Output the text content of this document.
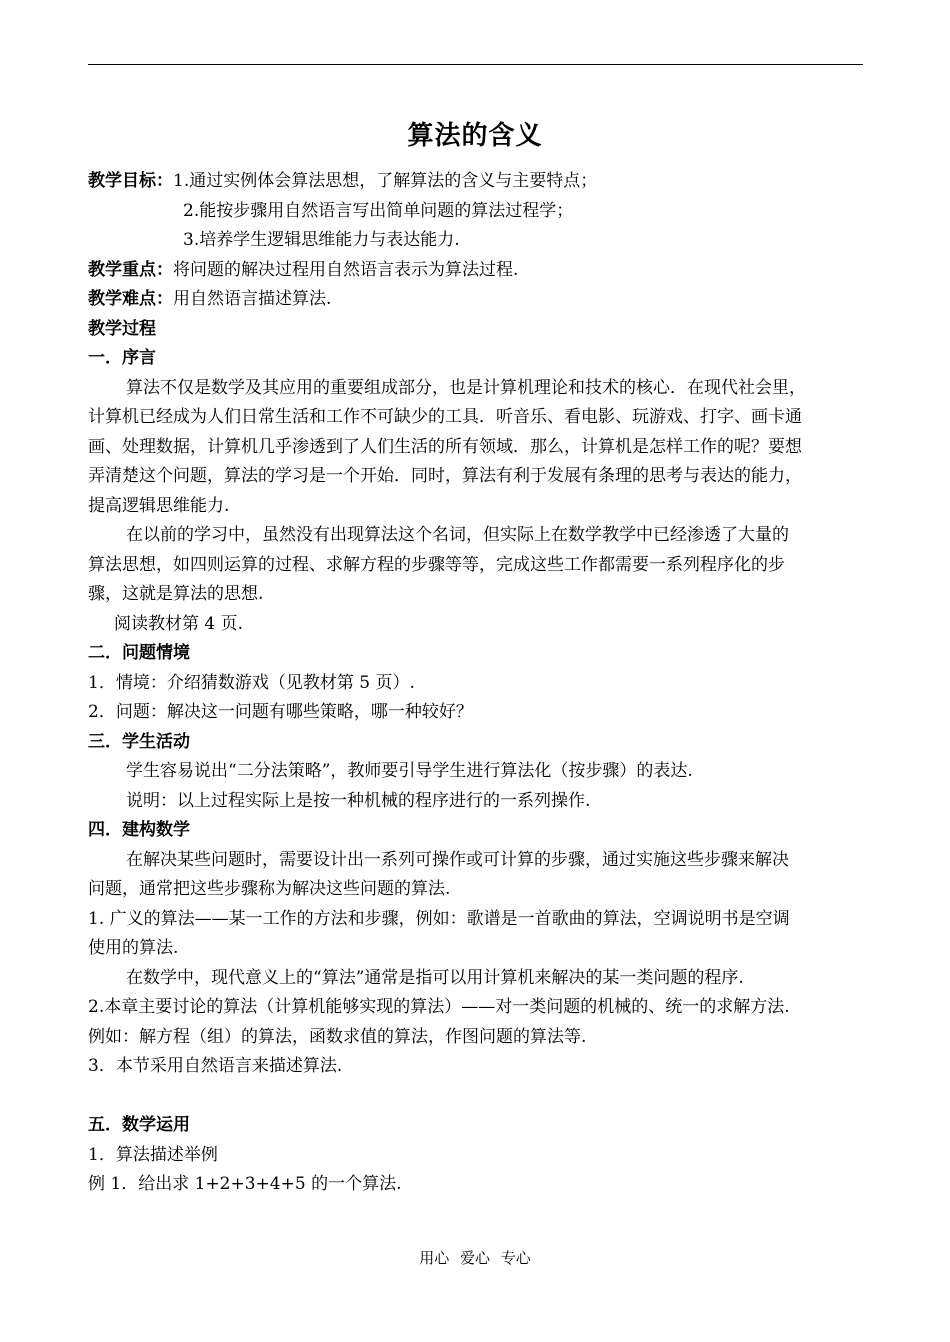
算法的含义
教学目标：1.通过实例体会算法思想，了解算法的含义与主要特点；
2.能按步骤用自然语言写出简单问题的算法过程学；
3.培养学生逻辑思维能力与表达能力.
教学重点：将问题的解决过程用自然语言表示为算法过程.
教学难点：用自然语言描述算法.
教学过程
一．序言
算法不仅是数学及其应用的重要组成部分，也是计算机理论和技术的核心．在现代社会里，
计算机已经成为人们日常生活和工作不可缺少的工具．听音乐、看电影、玩游戏、打字、画卡通
画、处理数据，计算机几乎渗透到了人们生活的所有领域．那么，计算机是怎样工作的呢？要想
弄清楚这个问题，算法的学习是一个开始．同时，算法有利于发展有条理的思考与表达的能力，
提高逻辑思维能力.
在以前的学习中，虽然没有出现算法这个名词，但实际上在数学教学中已经渗透了大量的
算法思想，如四则运算的过程、求解方程的步骤等等，完成这些工作都需要一系列程序化的步
骤，这就是算法的思想.
阅读教材第 4 页.
二．问题情境
1．情境：介绍猜数游戏（见教材第 5 页）.
2．问题：解决这一问题有哪些策略，哪一种较好？
三．学生活动
学生容易说出“二分法策略”，教师要引导学生进行算法化（按步骤）的表达.
说明：以上过程实际上是按一种机械的程序进行的一系列操作.
四．建构数学
在解决某些问题时，需要设计出一系列可操作或可计算的步骤，通过实施这些步骤来解决
问题，通常把这些步骤称为解决这些问题的算法.
1. 广义的算法——某一工作的方法和步骤，例如：歌谱是一首歌曲的算法，空调说明书是空调
使用的算法.
在数学中，现代意义上的“算法”通常是指可以用计算机来解决的某一类问题的程序.
2.本章主要讨论的算法（计算机能够实现的算法）——对一类问题的机械的、统一的求解方法.
例如：解方程（组）的算法，函数求值的算法，作图问题的算法等.
3．本节采用自然语言来描述算法.
五．数学运用
1．算法描述举例
例 1．给出求 1+2+3+4+5 的一个算法.
用心 爱心 专心
